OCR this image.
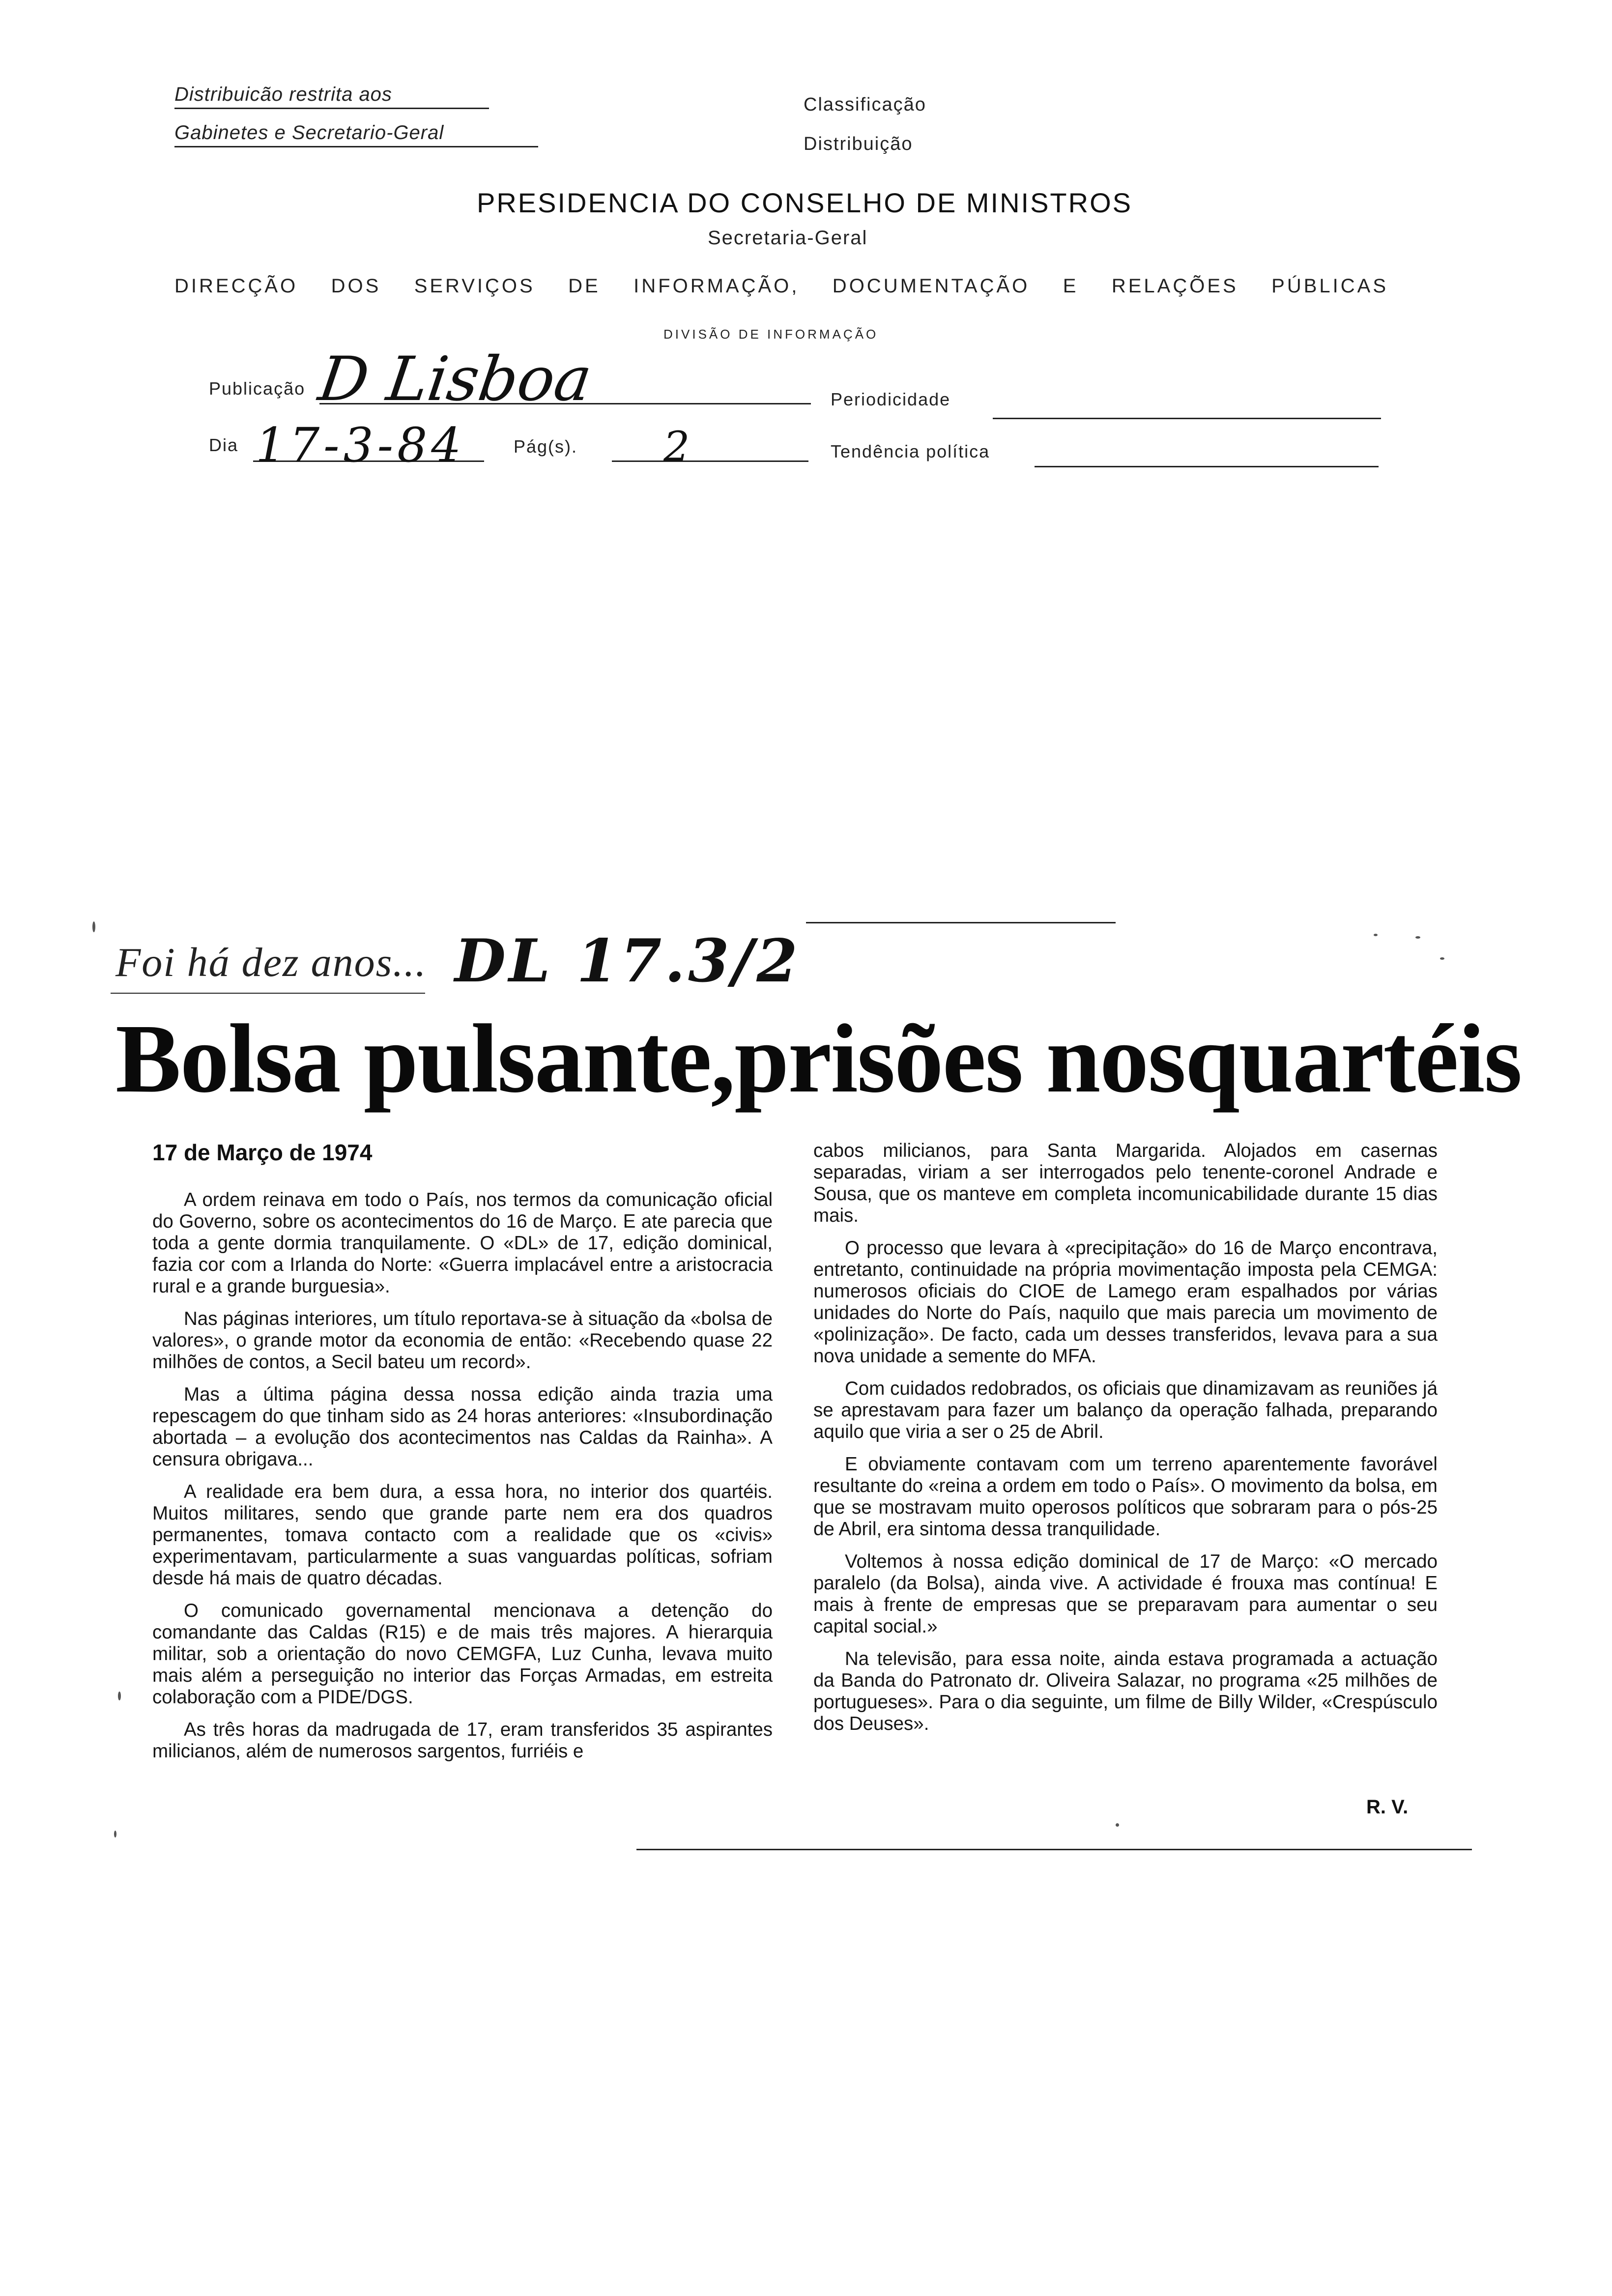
Distribuicão restrita aos
Gabinetes e Secretario-Geral
Classificação
Distribuição
PRESIDENCIA DO CONSELHO DE MINISTROS
Secretaria-Geral
DIRECÇÃO DOS SERVIÇOS DE INFORMAÇÃO, DOCUMENTAÇÃO E RELAÇÕES PÚBLICAS
DIVISÃO DE INFORMAÇÃO
Publicação D Lisboa	Periodicidade
Dia 17-3-84	Pág(s). 2	Tendência política
Foi há dez anos... DL 17.3/2
Bolsa pulsante,prisões nosquartéis
17 de Março de 1974

A ordem reinava em todo o País, nos termos da comunicação oficial do Governo, sobre os acontecimentos do 16 de Março. E ate parecia que toda a gente dormia tranquilamente. O «DL» de 17, edição dominical, fazia cor com a Irlanda do Norte: «Guerra implacável entre a aristocracia rural e a grande burguesia».

Nas páginas interiores, um título reportava-se à situação da «bolsa de valores», o grande motor da economia de então: «Recebendo quase 22 milhões de contos, a Secil bateu um record».

Mas a última página dessa nossa edição ainda trazia uma repescagem do que tinham sido as 24 horas anteriores: «Insubordinação abortada – a evolução dos acontecimentos nas Caldas da Rainha». A censura obrigava...

A realidade era bem dura, a essa hora, no interior dos quartéis. Muitos militares, sendo que grande parte nem era dos quadros permanentes, tomava contacto com a realidade que os «civis» experimentavam, particularmente a suas vanguardas políticas, sofriam desde há mais de quatro décadas.

O comunicado governamental mencionava a detenção do comandante das Caldas (R15) e de mais três majores. A hierarquia militar, sob a orientação do novo CEMGFA, Luz Cunha, levava muito mais além a perseguição no interior das Forças Armadas, em estreita colaboração com a PIDE/DGS.

As três horas da madrugada de 17, eram transferidos 35 aspirantes milicianos, além de numerosos sargentos, furriéis e

cabos milicianos, para Santa Margarida. Alojados em casernas separadas, viriam a ser interrogados pelo tenente-coronel Andrade e Sousa, que os manteve em completa incomunicabilidade durante 15 dias mais.

O processo que levara à «precipitação» do 16 de Março encontrava, entretanto, continuidade na própria movimentação imposta pela CEMGA: numerosos oficiais do CIOE de Lamego eram espalhados por várias unidades do Norte do País, naquilo que mais parecia um movimento de «polinização». De facto, cada um desses transferidos, levava para a sua nova unidade a semente do MFA.

Com cuidados redobrados, os oficiais que dinamizavam as reuniões já se aprestavam para fazer um balanço da operação falhada, preparando aquilo que viria a ser o 25 de Abril.

E obviamente contavam com um terreno aparentemente favorável resultante do «reina a ordem em todo o País». O movimento da bolsa, em que se mostravam muito operosos políticos que sobraram para o pós-25 de Abril, era sintoma dessa tranquilidade.

Voltemos à nossa edição dominical de 17 de Março: «O mercado paralelo (da Bolsa), ainda vive. A actividade é frouxa mas contínua! E mais à frente de empresas que se preparavam para aumentar o seu capital social.»

Na televisão, para essa noite, ainda estava programada a actuação da Banda do Patronato dr. Oliveira Salazar, no programa «25 milhões de portugueses». Para o dia seguinte, um filme de Billy Wilder, «Crespúsculo dos Deuses».

R. V.
